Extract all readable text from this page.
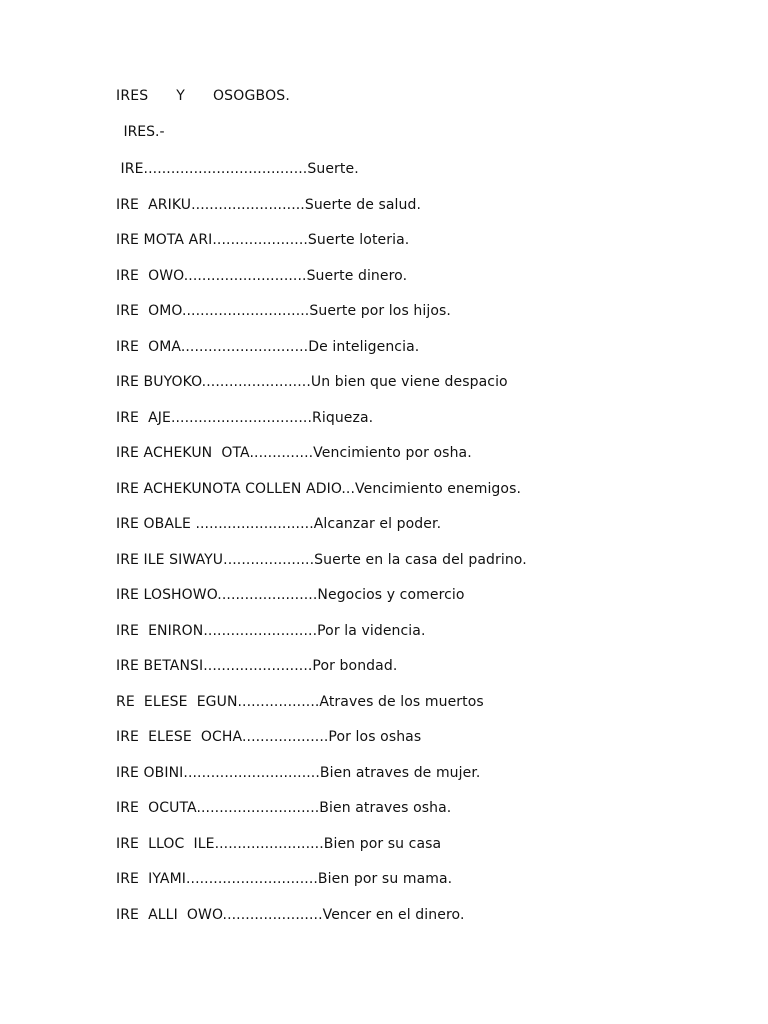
IRES      Y      OSOGBOS.
IRES.-
IRE....................................Suerte.
IRE  ARIKU.........................Suerte de salud.
IRE MOTA ARI.....................Suerte loteria.
IRE  OWO...........................Suerte dinero.
IRE  OMO............................Suerte por los hijos.
IRE  OMA............................De inteligencia.
IRE BUYOKO........................Un bien que viene despacio
IRE  AJE...............................Riqueza.
IRE ACHEKUN  OTA..............Vencimiento por osha.
IRE ACHEKUNOTA COLLEN ADIO...Vencimiento enemigos.
IRE OBALE ..........................Alcanzar el poder.
IRE ILE SIWAYU....................Suerte en la casa del padrino.
IRE LOSHOWO......................Negocios y comercio
IRE  ENIRON.........................Por la videncia.
IRE BETANSI........................Por bondad.
RE  ELESE  EGUN..................Atraves de los muertos
IRE  ELESE  OCHA...................Por los oshas
IRE OBINI..............................Bien atraves de mujer.
IRE  OCUTA...........................Bien atraves osha.
IRE  LLOC  ILE........................Bien por su casa
IRE  IYAMI.............................Bien por su mama.
IRE  ALLI  OWO......................Vencer en el dinero.
